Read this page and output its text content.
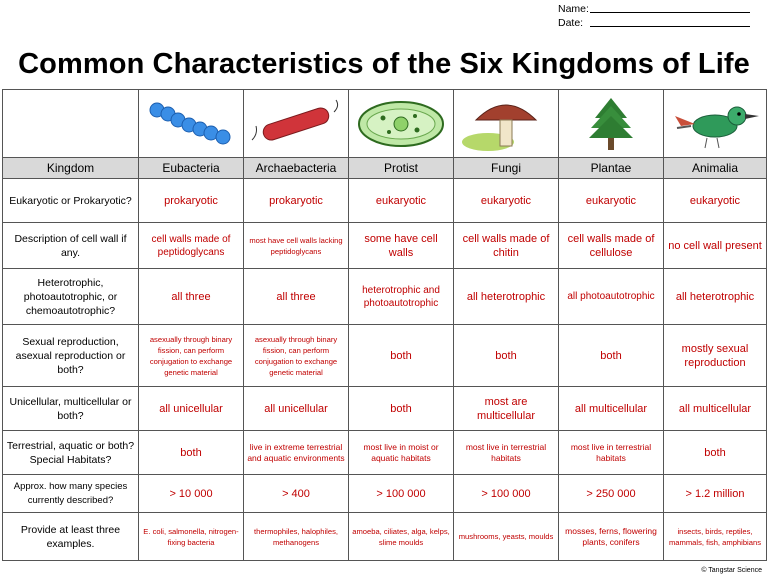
Name:
Date:
Common Characteristics of the Six Kingdoms of Life

Kingdom	Eubacteria	Archaebacteria	Protist	Fungi	Plantae	Animalia
Eukaryotic or Prokaryotic?	prokaryotic	prokaryotic	eukaryotic	eukaryotic	eukaryotic	eukaryotic
Description of cell wall if any.	cell walls made of peptidoglycans	most have cell walls lacking peptidoglycans	some have cell walls	cell walls made of chitin	cell walls made of cellulose	no cell wall present
Heterotrophic, photoautotrophic, or chemoautotrophic?	all three	all three	heterotrophic and photoautotrophic	all heterotrophic	all photoautotrophic	all heterotrophic
Sexual reproduction, asexual reproduction or both?	asexually through binary fission, can perform conjugation to exchange genetic material	asexually through binary fission, can perform conjugation to exchange genetic material	both	both	both	mostly sexual reproduction
Unicellular, multicellular or both?	all unicellular	all unicellular	both	most are multicellular	all multicellular	all multicellular
Terrestrial, aquatic or both? Special Habitats?	both	live in extreme terrestrial and aquatic environments	most live in moist or aquatic habitats	most live in terrestrial habitats	most live in terrestrial habitats	both
Approx. how many species currently described?	> 10 000	> 400	> 100 000	> 100 000	> 250 000	> 1.2 million
Provide at least three examples.	E. coli, salmonella, nitrogen-fixing bacteria	thermophiles, halophiles, methanogens	amoeba, ciliates, alga, kelps, slime moulds	mushrooms, yeasts, moulds	mosses, ferns, flowering plants, conifers	insects, birds, reptiles, mammals, fish, amphibians
© Tangstar Science
